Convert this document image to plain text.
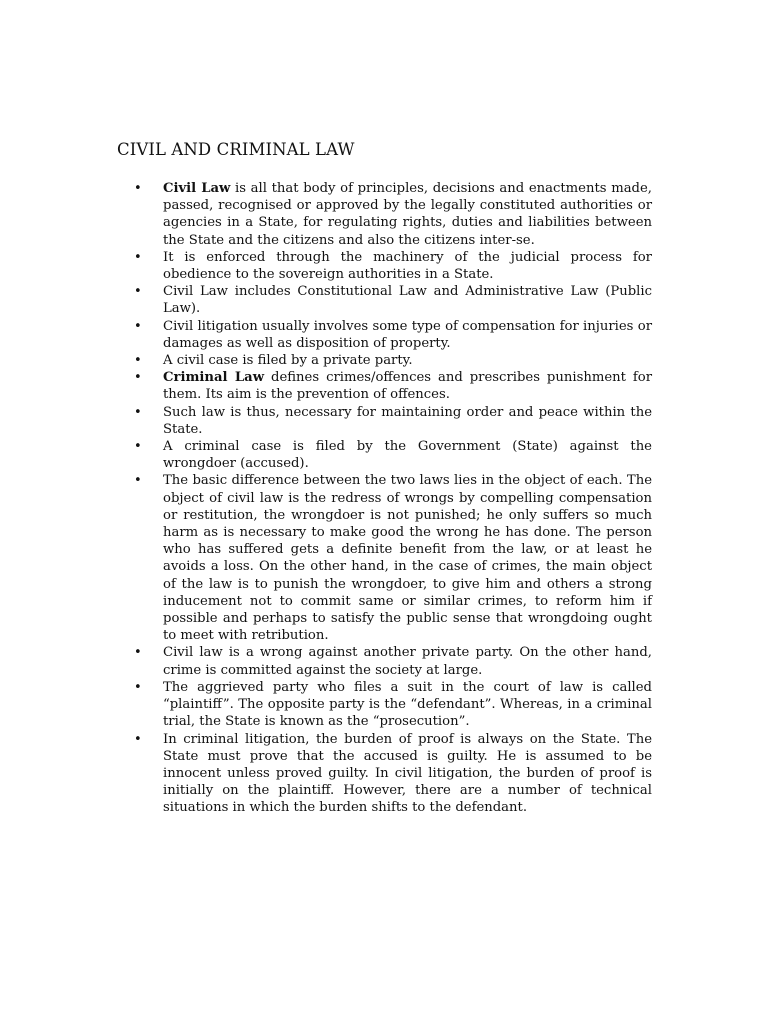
CIVIL AND CRIMINAL LAW
• Civil Law is all that body of principles, decisions and enactments made, passed, recognised or approved by the legally constituted authorities or agencies in a State, for regulating rights, duties and liabilities between the State and the citizens and also the citizens inter-se.
• It is enforced through the machinery of the judicial process for obedience to the sovereign authorities in a State.
• Civil Law includes Constitutional Law and Administrative Law (Public Law).
• Civil litigation usually involves some type of compensation for injuries or damages as well as disposition of property.
• A civil case is filed by a private party.
• Criminal Law defines crimes/offences and prescribes punishment for them. Its aim is the prevention of offences.
• Such law is thus, necessary for maintaining order and peace within the State.
• A criminal case is filed by the Government (State) against the wrongdoer (accused).
• The basic difference between the two laws lies in the object of each. The object of civil law is the redress of wrongs by compelling compensation or restitution, the wrongdoer is not punished; he only suffers so much harm as is necessary to make good the wrong he has done. The person who has suffered gets a definite benefit from the law, or at least he avoids a loss. On the other hand, in the case of crimes, the main object of the law is to punish the wrongdoer, to give him and others a strong inducement not to commit same or similar crimes, to reform him if possible and perhaps to satisfy the public sense that wrongdoing ought to meet with retribution.
• Civil law is a wrong against another private party. On the other hand, crime is committed against the society at large.
• The aggrieved party who files a suit in the court of law is called “plaintiff”. The opposite party is the “defendant”. Whereas, in a criminal trial, the State is known as the “prosecution”.
• In criminal litigation, the burden of proof is always on the State. The State must prove that the accused is guilty. He is assumed to be innocent unless proved guilty. In civil litigation, the burden of proof is initially on the plaintiff. However, there are a number of technical situations in which the burden shifts to the defendant.
